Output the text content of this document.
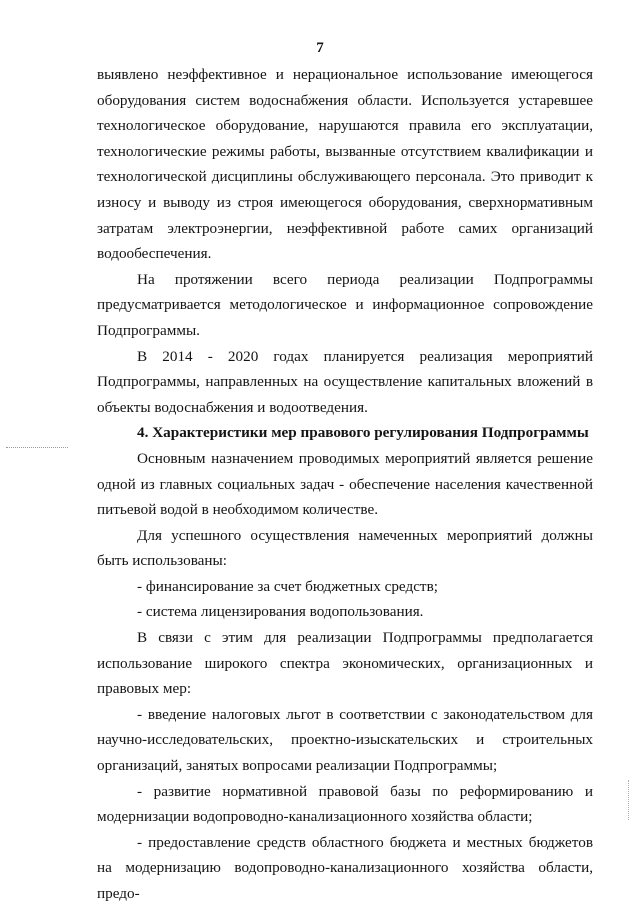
7

выявлено неэффективное и нерациональное использование имеющегося оборудования систем водоснабжения области. Используется устаревшее технологическое оборудование, нарушаются правила его эксплуатации, технологические режимы работы, вызванные отсутствием квалификации и технологической дисциплины обслуживающего персонала. Это приводит к износу и выводу из строя имеющегося оборудования, сверхнормативным затратам электроэнергии, неэффективной работе самих организаций водообеспечения.

На протяжении всего периода реализации Подпрограммы предусматривается методологическое и информационное сопровождение Подпрограммы.

В 2014 - 2020 годах планируется реализация мероприятий Подпрограммы, направленных на осуществление капитальных вложений в объекты водоснабжения и водоотведения.

4. Характеристики мер правового регулирования Подпрограммы

Основным назначением проводимых мероприятий является решение одной из главных социальных задач - обеспечение населения качественной питьевой водой в необходимом количестве.

Для успешного осуществления намеченных мероприятий должны быть использованы:

- финансирование за счет бюджетных средств;

- система лицензирования водопользования.

В связи с этим для реализации Подпрограммы предполагается использование широкого спектра экономических, организационных и правовых мер:

- введение налоговых льгот в соответствии с законодательством для научно-исследовательских, проектно-изыскательских и строительных организаций, занятых вопросами реализации Подпрограммы;

- развитие нормативной правовой базы по реформированию и модернизации водопроводно-канализационного хозяйства области;

- предоставление средств областного бюджета и местных бюджетов на модернизацию водопроводно-канализационного хозяйства области, предо-
